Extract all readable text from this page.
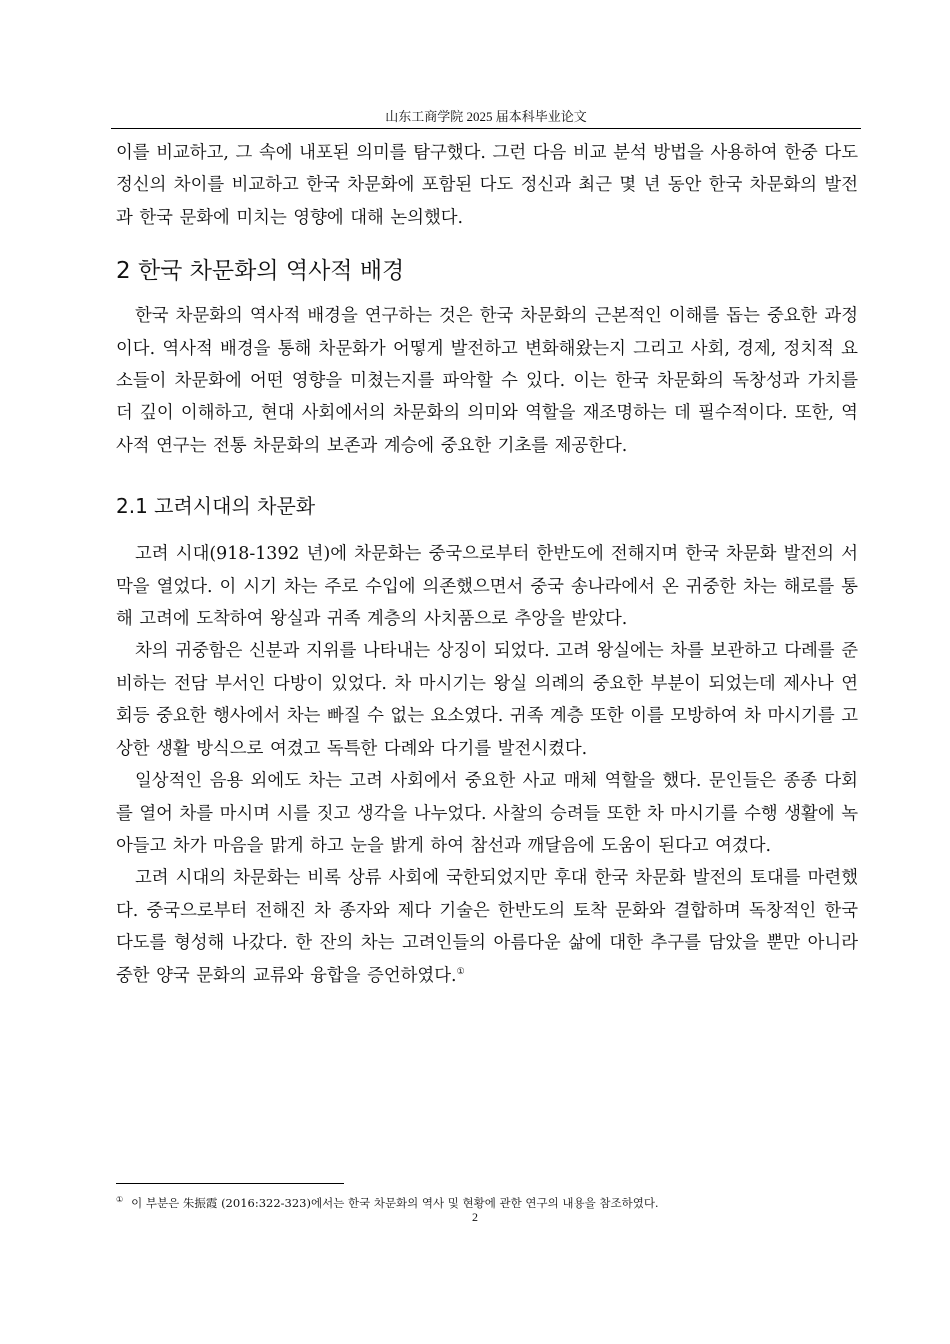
山东工商学院 2025 届本科毕业论文

이를 비교하고, 그 속에 내포된 의미를 탐구했다. 그런 다음 비교 분석 방법을 사용하여 한중 다도 정신의 차이를 비교하고 한국 차문화에 포함된 다도 정신과 최근 몇 년 동안 한국 차문화의 발전과 한국 문화에 미치는 영향에 대해 논의했다.

2 한국 차문화의 역사적 배경

한국 차문화의 역사적 배경을 연구하는 것은 한국 차문화의 근본적인 이해를 돕는 중요한 과정이다. 역사적 배경을 통해 차문화가 어떻게 발전하고 변화해왔는지 그리고 사회, 경제, 정치적 요소들이 차문화에 어떤 영향을 미쳤는지를 파악할 수 있다. 이는 한국 차문화의 독창성과 가치를 더 깊이 이해하고, 현대 사회에서의 차문화의 의미와 역할을 재조명하는 데 필수적이다. 또한, 역사적 연구는 전통 차문화의 보존과 계승에 중요한 기초를 제공한다.

2.1 고려시대의 차문화

고려 시대(918-1392 년)에 차문화는 중국으로부터 한반도에 전해지며 한국 차문화 발전의 서막을 열었다. 이 시기 차는 주로 수입에 의존했으면서 중국 송나라에서 온 귀중한 차는 해로를 통해 고려에 도착하여 왕실과 귀족 계층의 사치품으로 추앙을 받았다.

차의 귀중함은 신분과 지위를 나타내는 상징이 되었다. 고려 왕실에는 차를 보관하고 다례를 준비하는 전담 부서인 다방이 있었다. 차 마시기는 왕실 의례의 중요한 부분이 되었는데 제사나 연회등 중요한 행사에서 차는 빠질 수 없는 요소였다. 귀족 계층 또한 이를 모방하여 차 마시기를 고상한 생활 방식으로 여겼고 독특한 다례와 다기를 발전시켰다.

일상적인 음용 외에도 차는 고려 사회에서 중요한 사교 매체 역할을 했다. 문인들은 종종 다회를 열어 차를 마시며 시를 짓고 생각을 나누었다. 사찰의 승려들 또한 차 마시기를 수행 생활에 녹아들고 차가 마음을 맑게 하고 눈을 밝게 하여 참선과 깨달음에 도움이 된다고 여겼다.

고려 시대의 차문화는 비록 상류 사회에 국한되었지만 후대 한국 차문화 발전의 토대를 마련했다. 중국으로부터 전해진 차 종자와 제다 기술은 한반도의 토착 문화와 결합하며 독창적인 한국 다도를 형성해 나갔다. 한 잔의 차는 고려인들의 아름다운 삶에 대한 추구를 담았을 뿐만 아니라 중한 양국 문화의 교류와 융합을 증언하였다.①

① 이 부분은 朱振霞 (2016:322-323)에서는 한국 차문화의 역사 및 현황에 관한 연구의 내용을 참조하였다.
2
